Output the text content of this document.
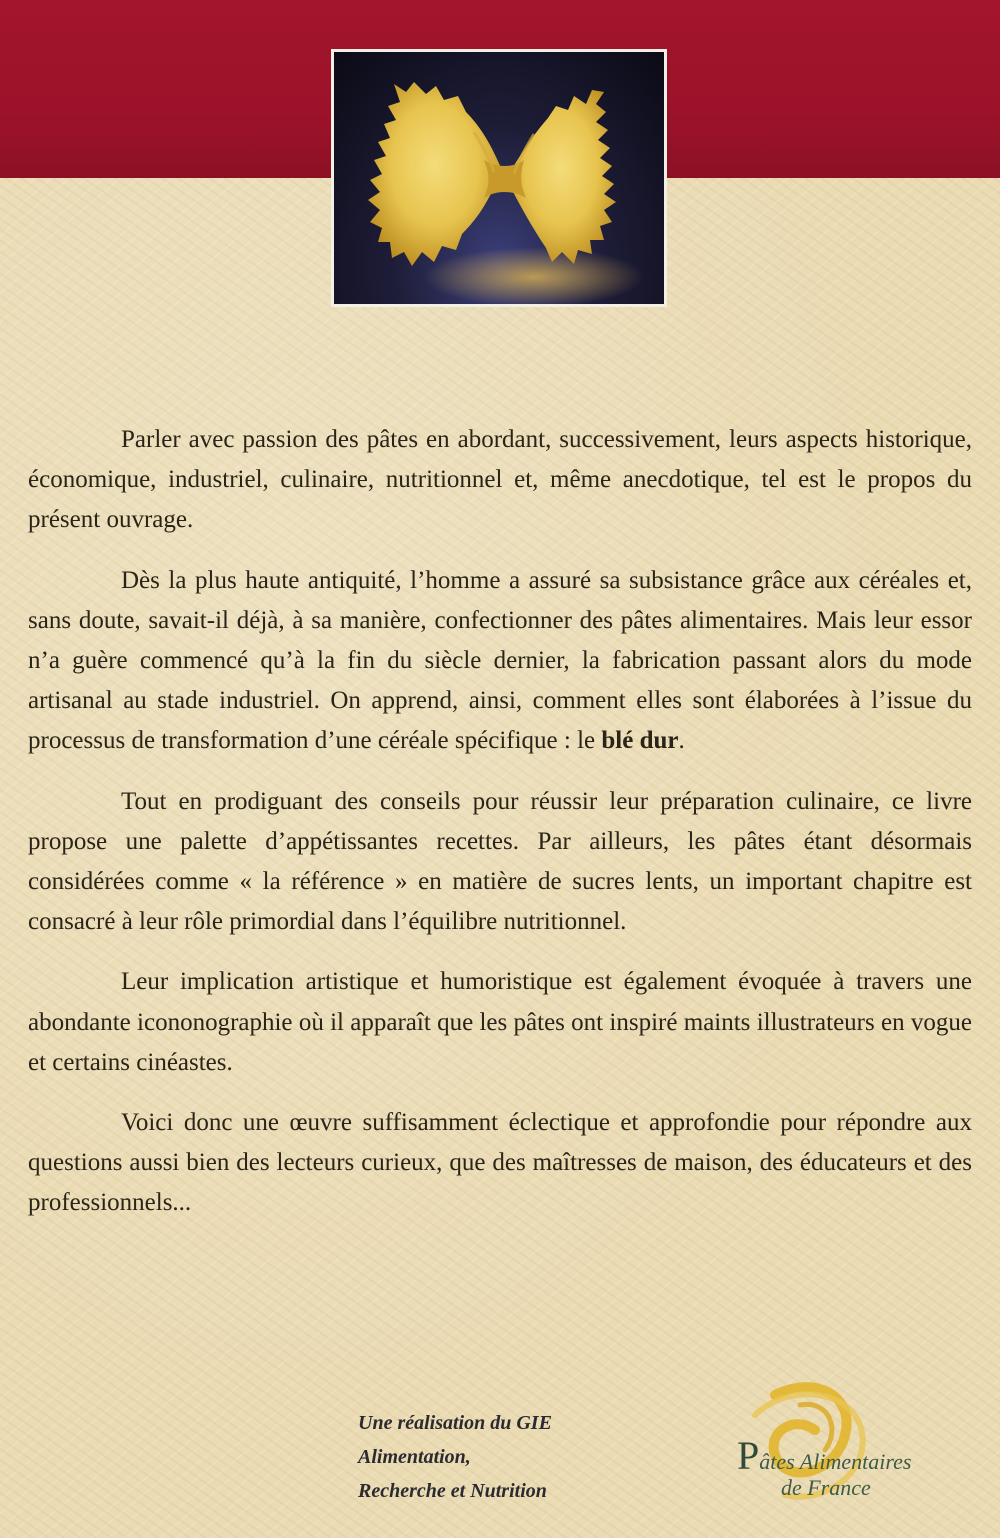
Parler avec passion des pâtes en abordant, successivement, leurs aspects historique, économique, industriel, culinaire, nutritionnel et, même anecdotique, tel est le propos du présent ouvrage.

Dès la plus haute antiquité, l’homme a assuré sa subsistance grâce aux céréales et, sans doute, savait-il déjà, à sa manière, confectionner des pâtes alimentaires. Mais leur essor n’a guère commencé qu’à la fin du siècle dernier, la fabrication passant alors du mode artisanal au stade industriel. On apprend, ainsi, comment elles sont élaborées à l’issue du processus de transformation d’une céréale spécifique : le blé dur.

Tout en prodiguant des conseils pour réussir leur préparation culinaire, ce livre propose une palette d’appétissantes recettes. Par ailleurs, les pâtes étant désormais considérées comme « la référence » en matière de sucres lents, un important chapitre est consacré à leur rôle primordial dans l’équilibre nutritionnel.

Leur implication artistique et humoristique est également évoquée à travers une abondante icononographie où il apparaît que les pâtes ont inspiré maints illustrateurs en vogue et certains cinéastes.

Voici donc une œuvre suffisamment éclectique et approfondie pour répondre aux questions aussi bien des lecteurs curieux, que des maîtresses de maison, des éducateurs et des professionnels...

Une réalisation du GIE
Alimentation,
Recherche et Nutrition
Pâtes Alimentaires
de France
